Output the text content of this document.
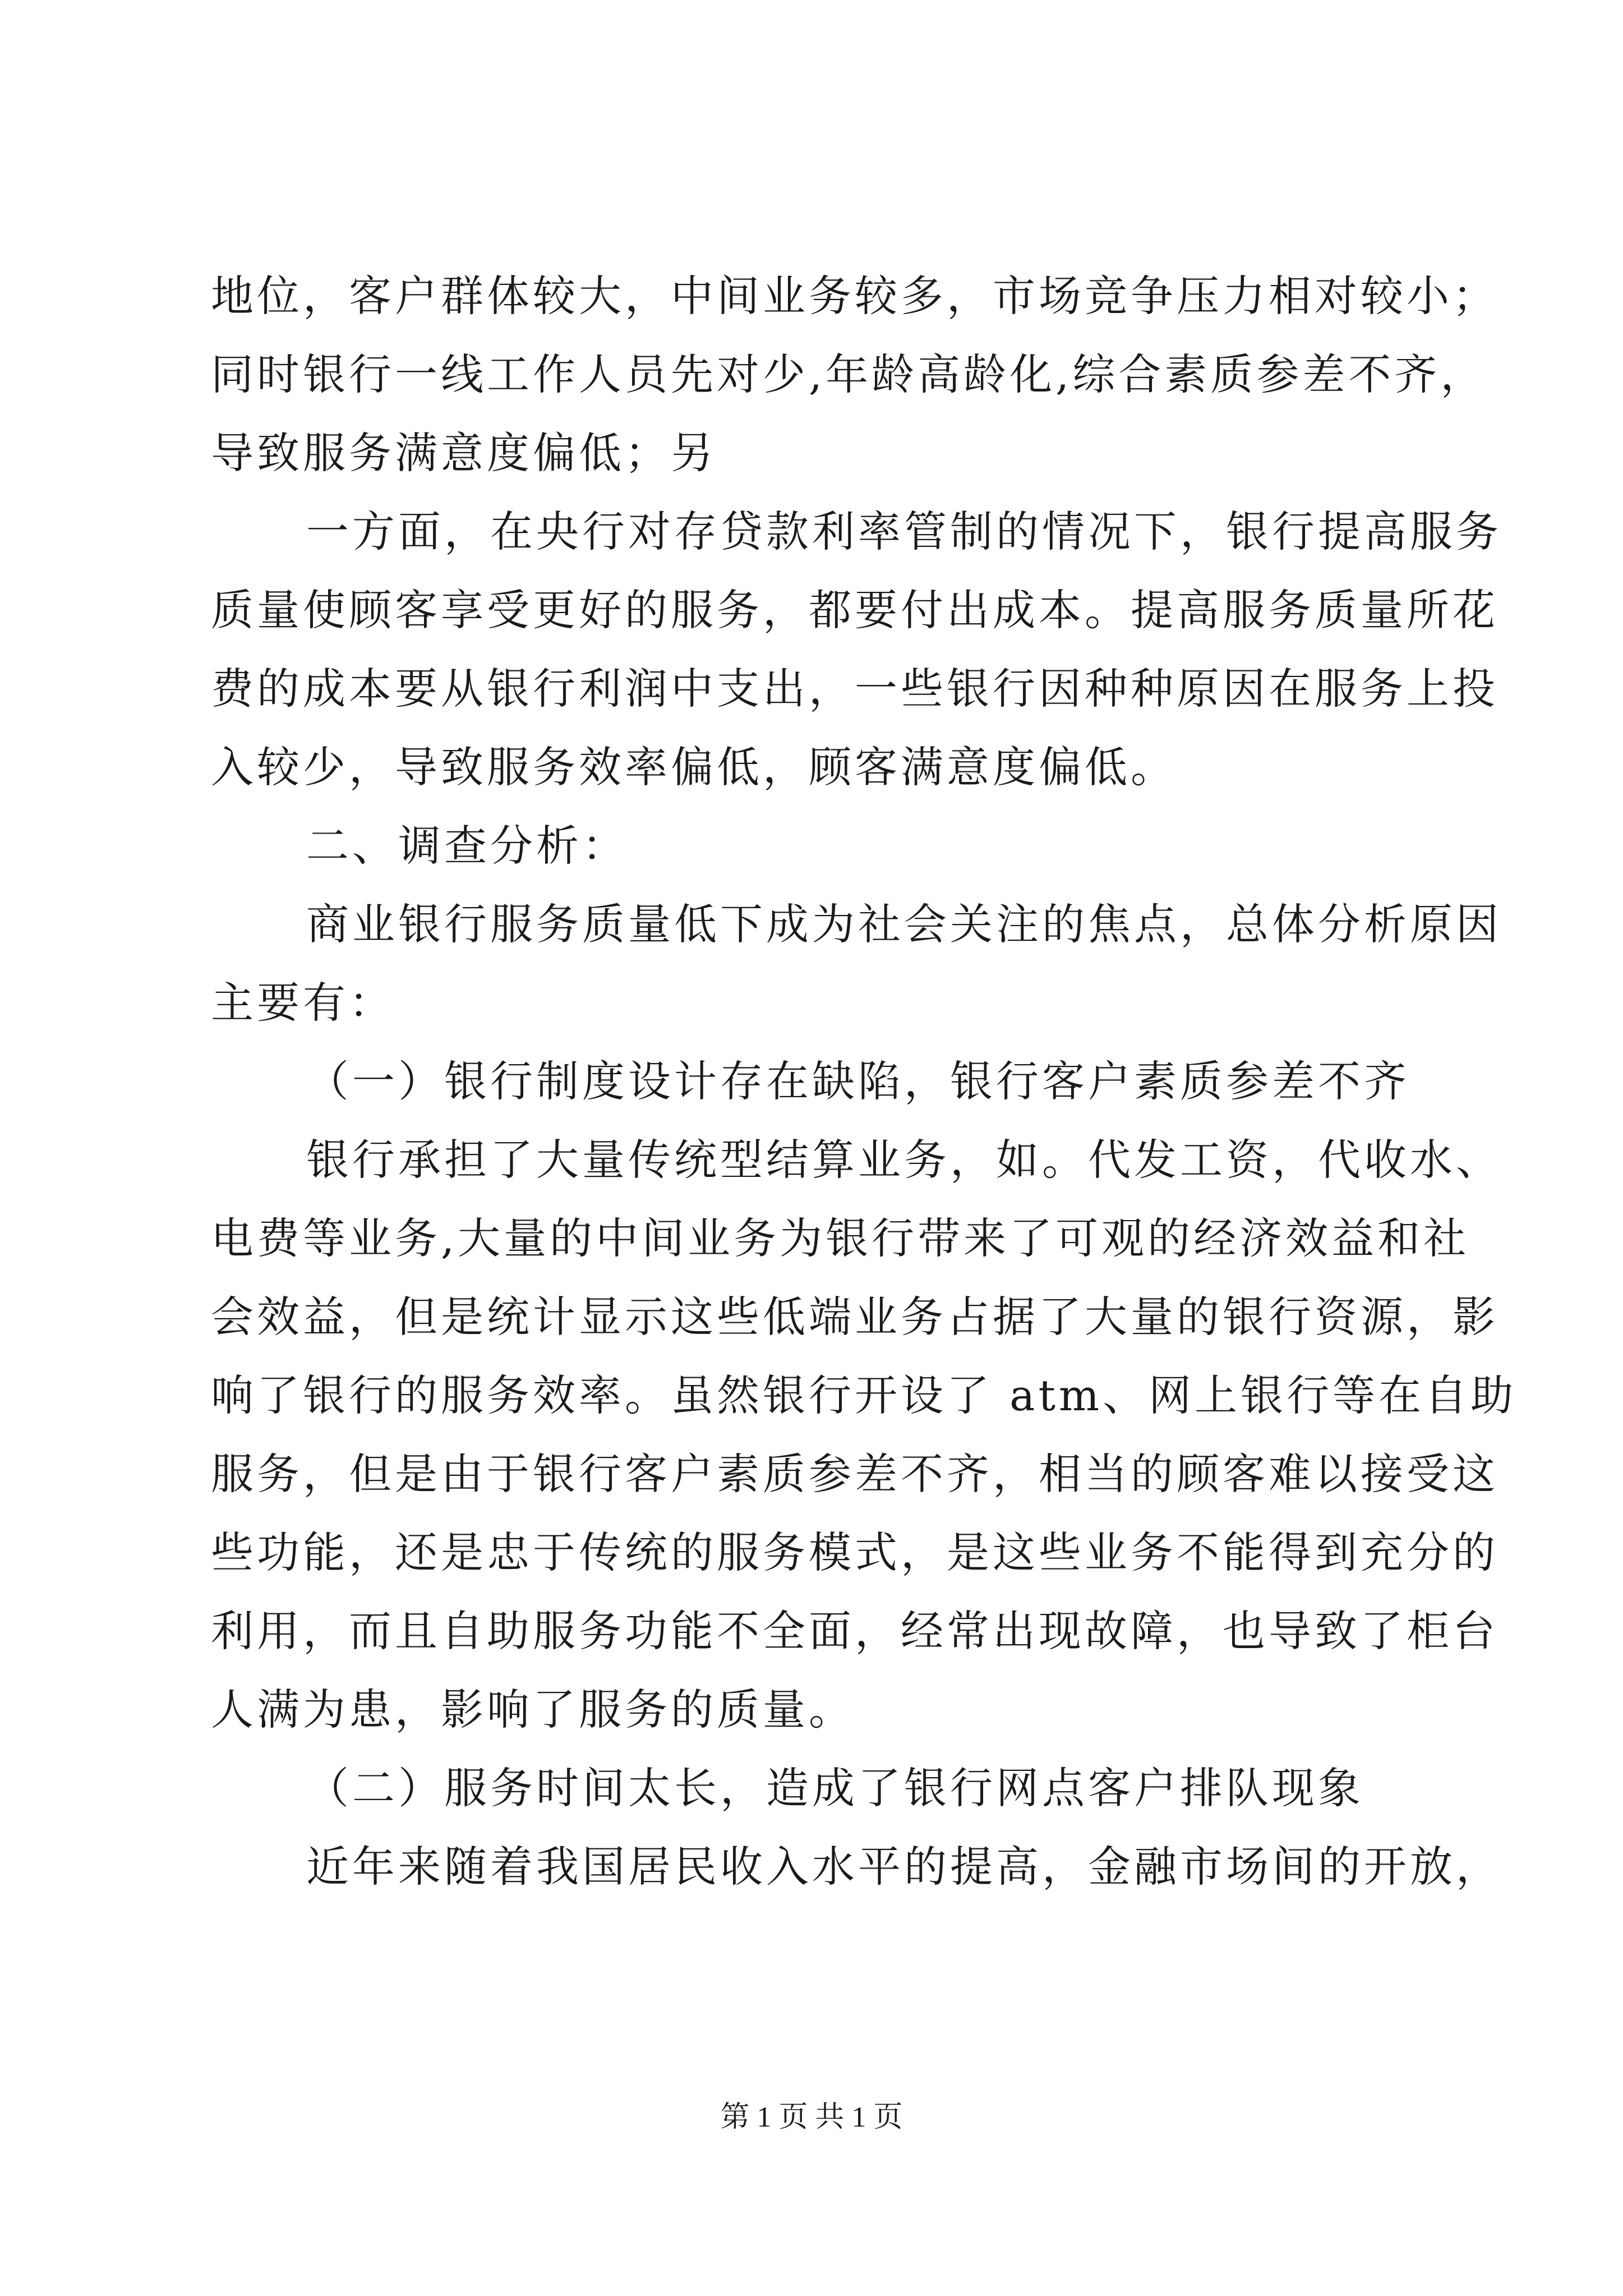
地位，客户群体较大，中间业务较多，市场竞争压力相对较小；
同时银行一线工作人员先对少,年龄高龄化,综合素质参差不齐，
导致服务满意度偏低；另
一方面，在央行对存贷款利率管制的情况下，银行提高服务
质量使顾客享受更好的服务，都要付出成本。提高服务质量所花
费的成本要从银行利润中支出，一些银行因种种原因在服务上投
入较少，导致服务效率偏低，顾客满意度偏低。
二、调查分析：
商业银行服务质量低下成为社会关注的焦点，总体分析原因
主要有：
（一）银行制度设计存在缺陷，银行客户素质参差不齐
银行承担了大量传统型结算业务，如。代发工资，代收水、
电费等业务,大量的中间业务为银行带来了可观的经济效益和社
会效益，但是统计显示这些低端业务占据了大量的银行资源，影
响了银行的服务效率。虽然银行开设了 atm、网上银行等在自助
服务，但是由于银行客户素质参差不齐，相当的顾客难以接受这
些功能，还是忠于传统的服务模式，是这些业务不能得到充分的
利用，而且自助服务功能不全面，经常出现故障，也导致了柜台
人满为患，影响了服务的质量。
（二）服务时间太长，造成了银行网点客户排队现象
近年来随着我国居民收入水平的提高，金融市场间的开放，
第 1 页 共 1 页
